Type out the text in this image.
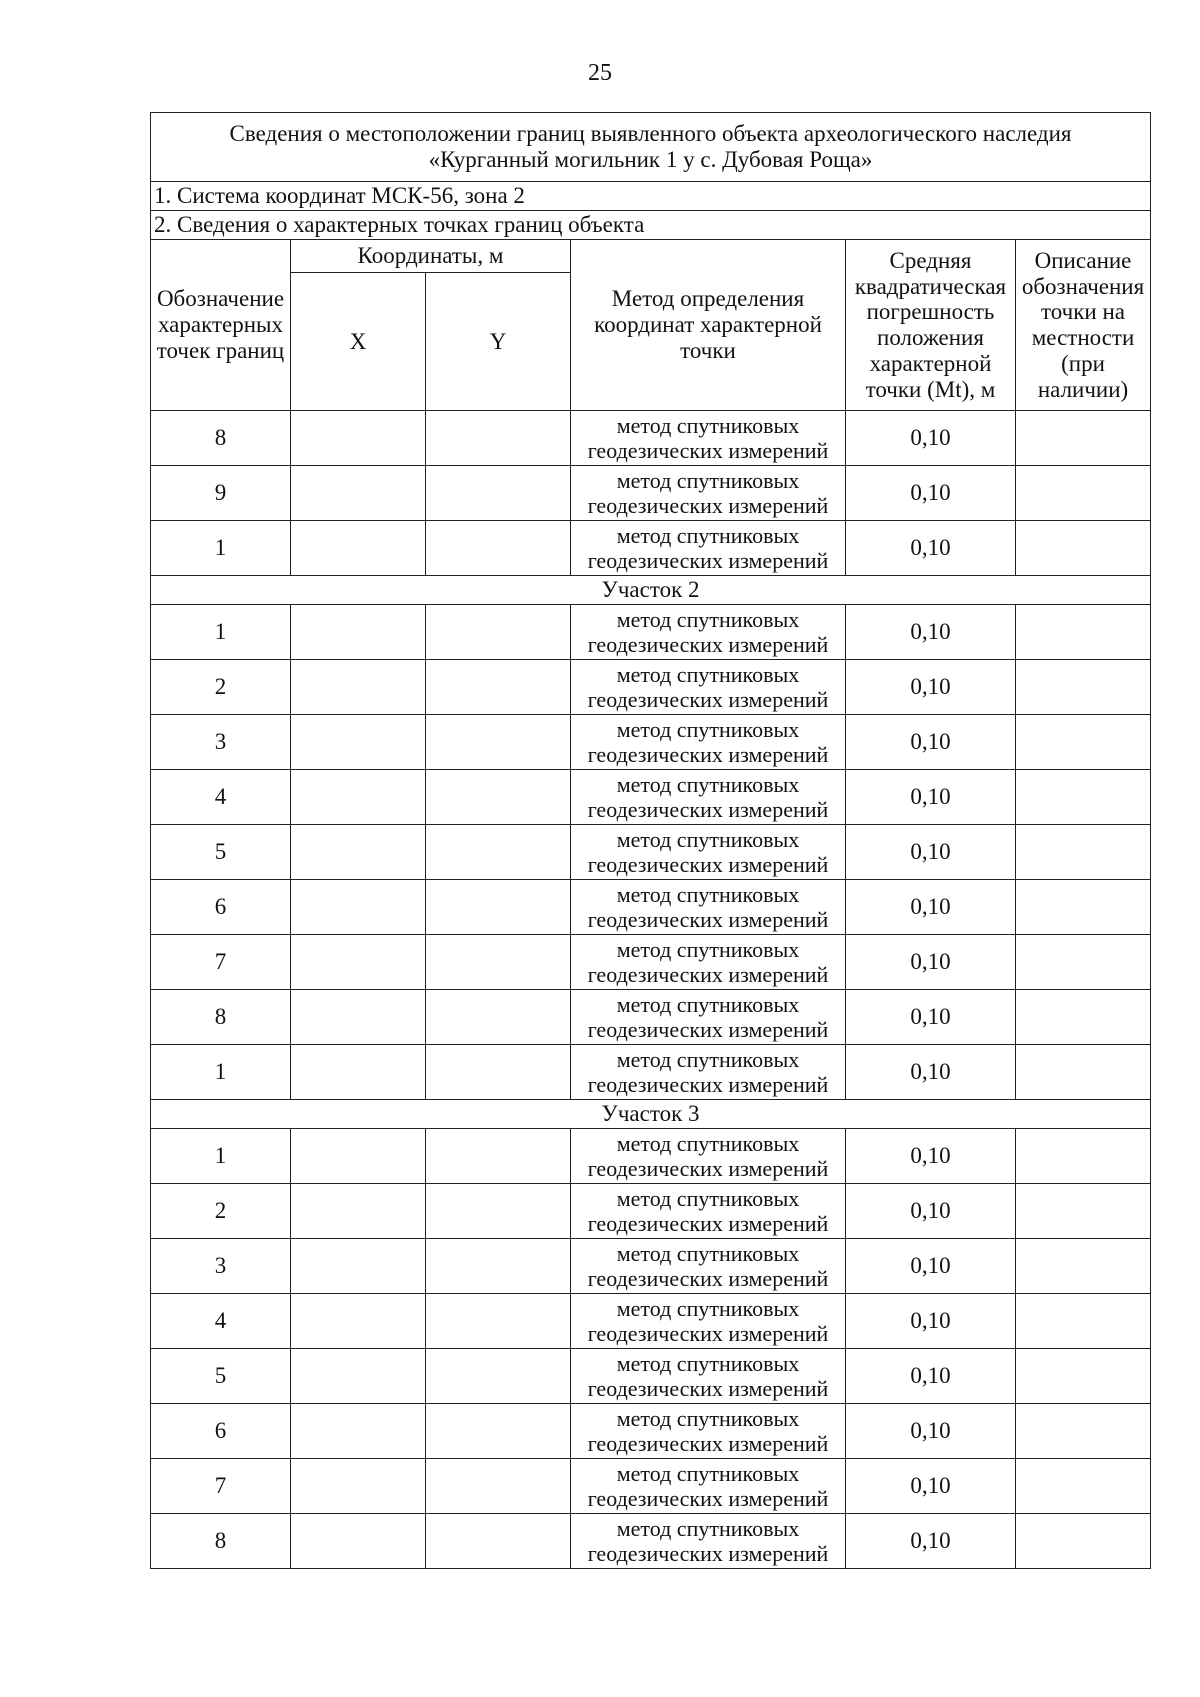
25
Сведения о местоположении границ выявленного объекта археологического наследия
«Курганный могильник 1 у с. Дубовая Роща»					

1. Система координат МСК-56, зона 2					
2. Сведения о характерных точках границ объекта					
Обозначение характерных точек границ	Координаты, м		Метод определения координат характерной точки	Средняя квадратическая погрешность положения характерной точки (Mt), м	Описание обозначения точки на местности (при наличии)
	X	Y			
8			метод спутниковых геодезических измерений	0,10	
9			метод спутниковых геодезических измерений	0,10	
1			метод спутниковых геодезических измерений	0,10	
Участок 2					
1			метод спутниковых геодезических измерений	0,10	
2			метод спутниковых геодезических измерений	0,10	
3			метод спутниковых геодезических измерений	0,10	
4			метод спутниковых геодезических измерений	0,10	
5			метод спутниковых геодезических измерений	0,10	
6			метод спутниковых геодезических измерений	0,10	
7			метод спутниковых геодезических измерений	0,10	
8			метод спутниковых геодезических измерений	0,10	
1			метод спутниковых геодезических измерений	0,10	
Участок 3					
1			метод спутниковых геодезических измерений	0,10	
2			метод спутниковых геодезических измерений	0,10	
3			метод спутниковых геодезических измерений	0,10	
4			метод спутниковых геодезических измерений	0,10	
5			метод спутниковых геодезических измерений	0,10	
6			метод спутниковых геодезических измерений	0,10	
7			метод спутниковых геодезических измерений	0,10	
8			метод спутниковых геодезических измерений	0,10	
